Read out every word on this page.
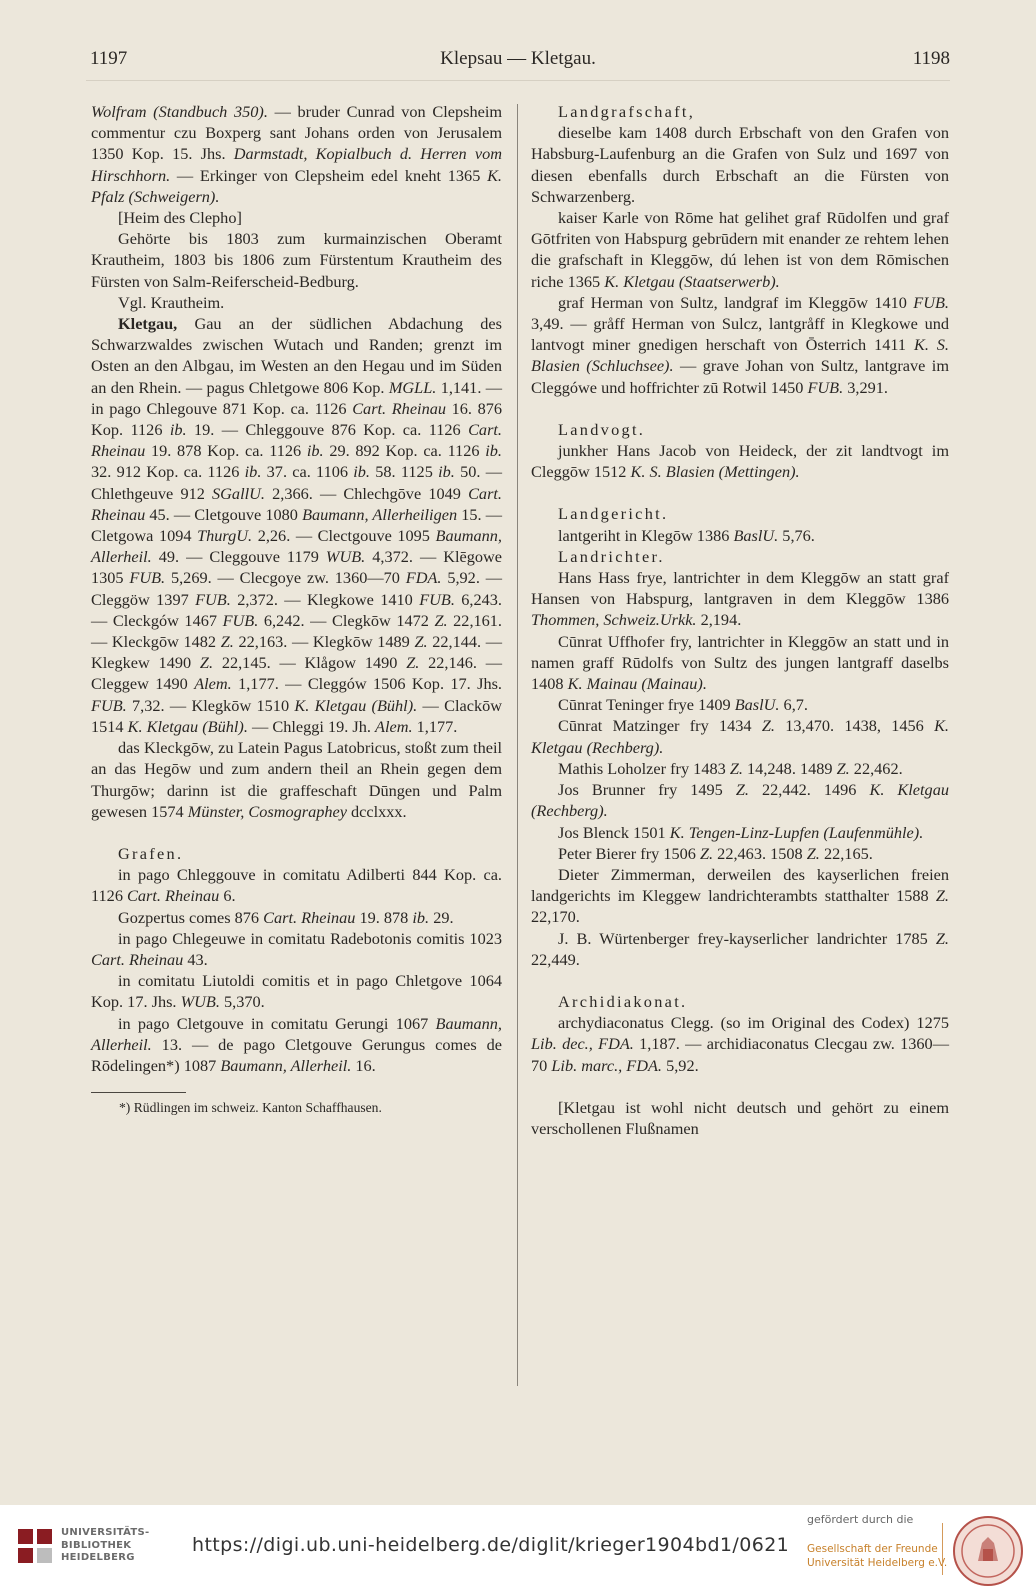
1197	Klepsau — Kletgau.	1198

Wolfram (Standbuch 350). — bruder Cunrad von Clepsheim commentur czu Boxperg sant Johans orden von Jerusalem 1350 Kop. 15. Jhs. Darmstadt, Kopialbuch d. Herren vom Hirschhorn. — Erkinger von Clepsheim edel kneht 1365 K. Pfalz (Schweigern).

[Heim des Clepho]

Gehörte bis 1803 zum kurmainzischen Oberamt Krautheim, 1803 bis 1806 zum Fürstentum Krautheim des Fürsten von Salm-Reiferscheid-Bedburg.

Vgl. Krautheim.

Kletgau, Gau an der südlichen Abdachung des Schwarzwaldes zwischen Wutach und Randen; grenzt im Osten an den Albgau, im Westen an den Hegau und im Süden an den Rhein. — pagus Chletgowe 806 Kop. MGLL. 1,141. — in pago Chlegouve 871 Kop. ca. 1126 Cart. Rheinau 16. 876 Kop. 1126 ib. 19. — Chleggouve 876 Kop. ca. 1126 Cart. Rheinau 19. 878 Kop. ca. 1126 ib. 29. 892 Kop. ca. 1126 ib. 32. 912 Kop. ca. 1126 ib. 37. ca. 1106 ib. 58. 1125 ib. 50. — Chlethgeuve 912 SGallU. 2,366. — Chlechgōve 1049 Cart. Rheinau 45. — Cletgouve 1080 Baumann, Allerheiligen 15. — Cletgowa 1094 ThurgU. 2,26. — Clectgouve 1095 Baumann, Allerheil. 49. — Cleggouve 1179 WUB. 4,372. — Klēgowe 1305 FUB. 5,269. — Clecgoye zw. 1360—70 FDA. 5,92. — Cleggöw 1397 FUB. 2,372. — Klegkowe 1410 FUB. 6,243. — Cleckgów 1467 FUB. 6,242. — Clegkōw 1472 Z. 22,161. — Kleckgōw 1482 Z. 22,163. — Klegkōw 1489 Z. 22,144. — Klegkew 1490 Z. 22,145. — Klågow 1490 Z. 22,146. — Cleggew 1490 Alem. 1,177. — Cleggów 1506 Kop. 17. Jhs. FUB. 7,32. — Klegkōw 1510 K. Kletgau (Bühl). — Clackōw 1514 K. Kletgau (Bühl). — Chleggi 19. Jh. Alem. 1,177.

das Kleckgōw, zu Latein Pagus Latobricus, stoßt zum theil an das Hegōw und zum andern theil an Rhein gegen dem Thurgōw; darinn ist die graffeschaft Dūngen und Palm gewesen 1574 Münster, Cosmographey dcclxxx.

Grafen.

in pago Chleggouve in comitatu Adilberti 844 Kop. ca. 1126 Cart. Rheinau 6.

Gozpertus comes 876 Cart. Rheinau 19. 878 ib. 29.

in pago Chlegeuwe in comitatu Radebotonis comitis 1023 Cart. Rheinau 43.

in comitatu Liutoldi comitis et in pago Chletgove 1064 Kop. 17. Jhs. WUB. 5,370.

in pago Cletgouve in comitatu Gerungi 1067 Baumann, Allerheil. 13. — de pago Cletgouve Gerungus comes de Rōdelingen*) 1087 Baumann, Allerheil. 16.

*) Rüdlingen im schweiz. Kanton Schaffhausen.

Landgrafschaft,

dieselbe kam 1408 durch Erbschaft von den Grafen von Habsburg-Laufenburg an die Grafen von Sulz und 1697 von diesen ebenfalls durch Erbschaft an die Fürsten von Schwarzenberg.

kaiser Karle von Rōme hat gelihet graf Rūdolfen und graf Gōtfriten von Habspurg gebrūdern mit enander ze rehtem lehen die grafschaft in Kleggōw, dú lehen ist von dem Rōmischen riche 1365 K. Kletgau (Staatserwerb).

graf Herman von Sultz, landgraf im Kleggōw 1410 FUB. 3,49. — gråff Herman von Sulcz, lantgråff in Klegkowe und lantvogt miner gnedigen herschaft von Ōsterrich 1411 K. S. Blasien (Schluchsee). — grave Johan von Sultz, lantgrave im Cleggówe und hoffrichter zū Rotwil 1450 FUB. 3,291.

Landvogt.

junkher Hans Jacob von Heideck, der zit landtvogt im Cleggōw 1512 K. S. Blasien (Mettingen).

Landgericht.

lantgeriht in Klegōw 1386 BaslU. 5,76.

Landrichter.

Hans Hass frye, lantrichter in dem Kleggōw an statt graf Hansen von Habspurg, lantgraven in dem Kleggōw 1386 Thommen, Schweiz.Urkk. 2,194.

Cūnrat Uffhofer fry, lantrichter in Kleggōw an statt und in namen graff Rūdolfs von Sultz des jungen lantgraff daselbs 1408 K. Mainau (Mainau).

Cūnrat Teninger frye 1409 BaslU. 6,7.

Cūnrat Matzinger fry 1434 Z. 13,470. 1438, 1456 K. Kletgau (Rechberg).

Mathis Loholzer fry 1483 Z. 14,248. 1489 Z. 22,462.

Jos Brunner fry 1495 Z. 22,442. 1496 K. Kletgau (Rechberg).

Jos Blenck 1501 K. Tengen-Linz-Lupfen (Laufenmühle).

Peter Bierer fry 1506 Z. 22,463. 1508 Z. 22,165.

Dieter Zimmerman, derweilen des kayserlichen freien landgerichts im Kleggew landrichterambts statthalter 1588 Z. 22,170.

J. B. Würtenberger frey-kayserlicher landrichter 1785 Z. 22,449.

Archidiakonat.

archydiaconatus Clegg. (so im Original des Codex) 1275 Lib. dec., FDA. 1,187. — archidiaconatus Clecgau zw. 1360—70 Lib. marc., FDA. 5,92.

[Kletgau ist wohl nicht deutsch und gehört zu einem verschollenen Flußnamen

UNIVERSITÄTS-
BIBLIOTHEK
HEIDELBERG
https://digi.ub.uni-heidelberg.de/diglit/krieger1904bd1/0621
gefördert durch die
Gesellschaft der Freunde
Universität Heidelberg e.V.
